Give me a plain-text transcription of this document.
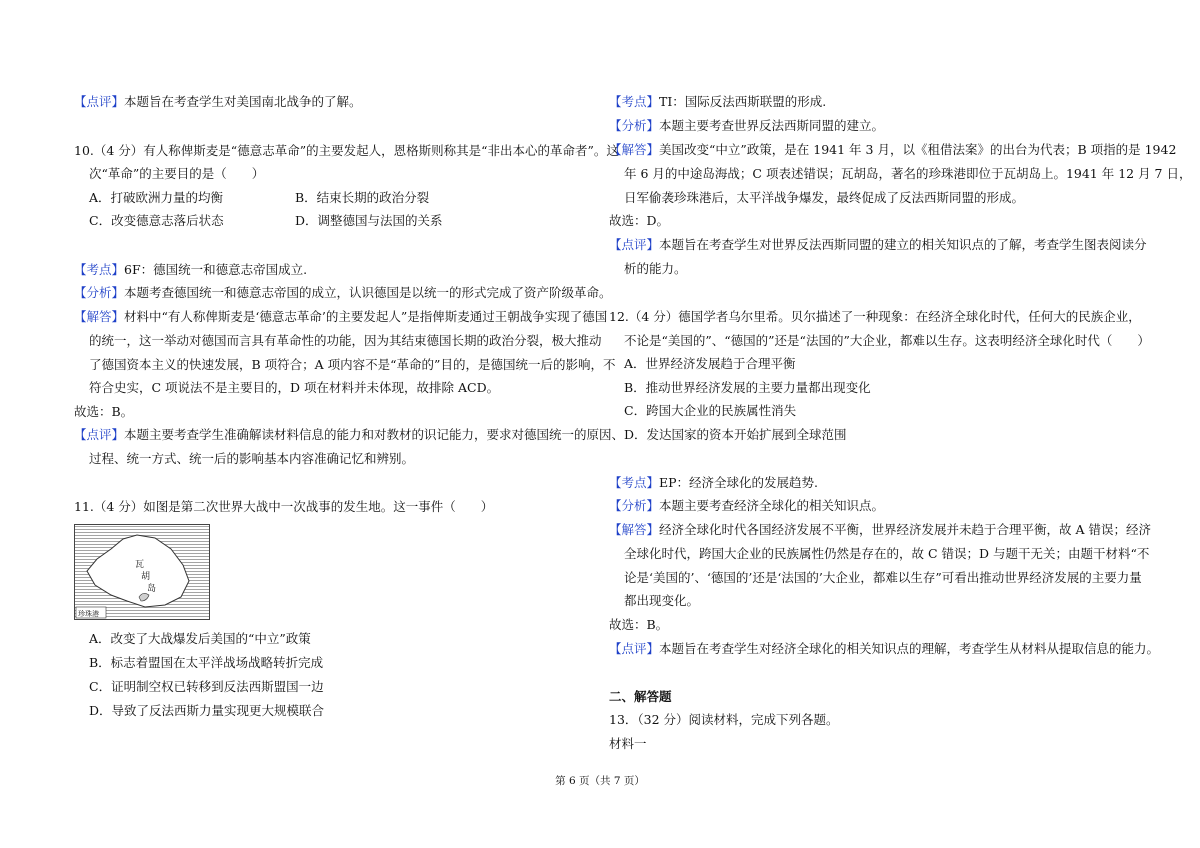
【点评】本题旨在考查学生对美国南北战争的了解。
10.（4 分）有人称俾斯麦是“德意志革命”的主要发起人，恩格斯则称其是“非出本心的革命者”。这
次“革命”的主要目的是（　　）
A．打破欧洲力量的均衡	B．结束长期的政治分裂
C．改变德意志落后状态	D．调整德国与法国的关系
【考点】6F：德国统一和德意志帝国成立.
【分析】本题考查德国统一和德意志帝国的成立，认识德国是以统一的形式完成了资产阶级革命。
【解答】材料中“有人称俾斯麦是‘德意志革命’的主要发起人”是指俾斯麦通过王朝战争实现了德国
的统一，这一举动对德国而言具有革命性的功能，因为其结束德国长期的政治分裂，极大推动
了德国资本主义的快速发展，B 项符合；A 项内容不是“革命的”目的，是德国统一后的影响，不
符合史实，C 项说法不是主要目的，D 项在材料并未体现，故排除 ACD。
故选：B。
【点评】本题主要考查学生准确解读材料信息的能力和对教材的识记能力，要求对德国统一的原因、
过程、统一方式、统一后的影响基本内容准确记忆和辨别。
11.（4 分）如图是第二次世界大战中一次战事的发生地。这一事件（　　）
A．改变了大战爆发后美国的“中立”政策
B．标志着盟国在太平洋战场战略转折完成
C．证明制空权已转移到反法西斯盟国一边
D．导致了反法西斯力量实现更大规模联合
瓦
胡
岛
珍珠港
【考点】TI：国际反法西斯联盟的形成.
【分析】本题主要考查世界反法西斯同盟的建立。
【解答】美国改变“中立”政策，是在 1941 年 3 月，以《租借法案》的出台为代表；B 项指的是 1942
年 6 月的中途岛海战；C 项表述错误；瓦胡岛，著名的珍珠港即位于瓦胡岛上。1941 年 12 月 7 日，
日军偷袭珍珠港后，太平洋战争爆发，最终促成了反法西斯同盟的形成。
故选：D。
【点评】本题旨在考查学生对世界反法西斯同盟的建立的相关知识点的了解，考查学生图表阅读分
析的能力。
12.（4 分）德国学者乌尔里希。贝尔描述了一种现象：在经济全球化时代，任何大的民族企业，
不论是“美国的”、“德国的”还是“法国的”大企业，都难以生存。这表明经济全球化时代（　　）
A．世界经济发展趋于合理平衡
B．推动世界经济发展的主要力量都出现变化
C．跨国大企业的民族属性消失
D．发达国家的资本开始扩展到全球范围
【考点】EP：经济全球化的发展趋势.
【分析】本题主要考查经济全球化的相关知识点。
【解答】经济全球化时代各国经济发展不平衡，世界经济发展并未趋于合理平衡，故 A 错误；经济
全球化时代，跨国大企业的民族属性仍然是存在的，故 C 错误；D 与题干无关；由题干材料“不
论是‘美国的’、‘德国的’还是‘法国的’大企业，都难以生存”可看出推动世界经济发展的主要力量
都出现变化。
故选：B。
【点评】本题旨在考查学生对经济全球化的相关知识点的理解，考查学生从材料从提取信息的能力。
二、解答题
13．（32 分）阅读材料，完成下列各题。
材料一
第 6 页（共 7 页）
